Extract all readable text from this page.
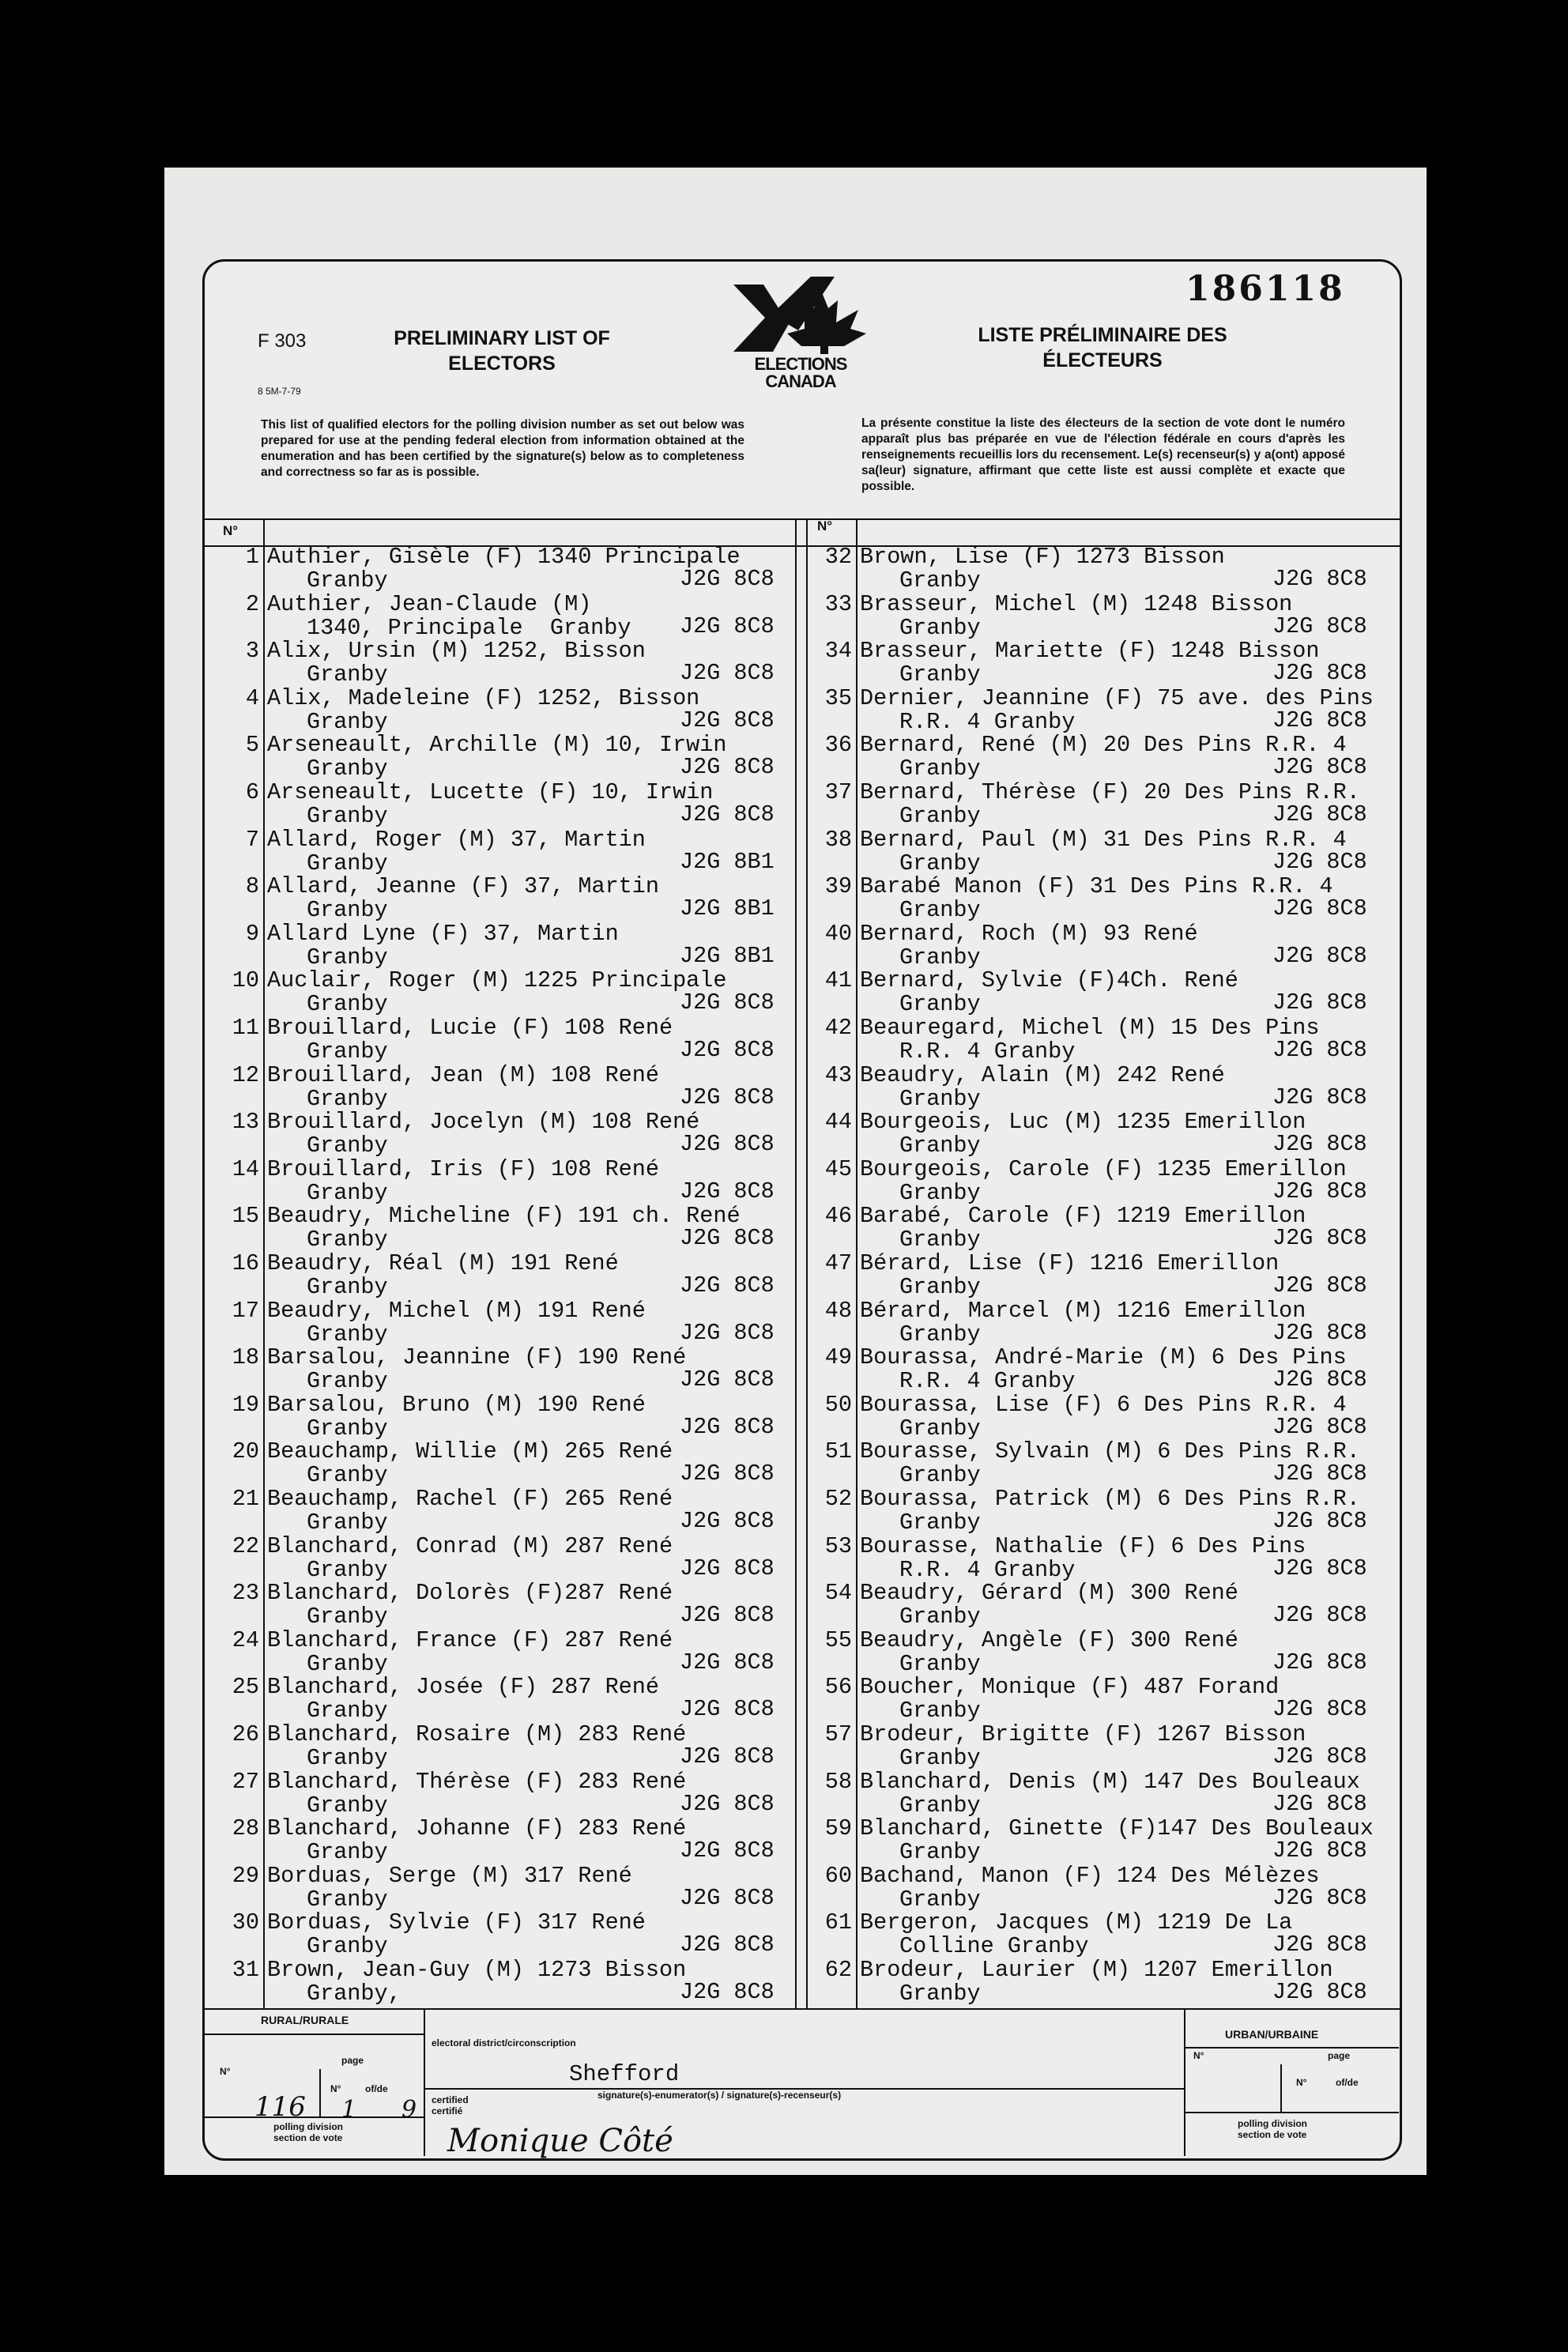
186118
F 303
8 5M-7-79
PRELIMINARY LIST OF ELECTORS
LISTE PRÉLIMINAIRE DES ÉLECTEURS
ELECTIONS
CANADA
This list of qualified electors for the polling division number as set out below was prepared for use at the pending federal election from information obtained at the enumeration and has been certified by the signature(s) below as to completeness and correctness so far as is possible.
La présente constitue la liste des électeurs de la section de vote dont le numéro apparaît plus bas préparée en vue de l'élection fédérale en cours d'après les renseignements recueillis lors du recensement. Le(s) recenseur(s) y a(ont) apposé sa(leur) signature, affirmant que cette liste est aussi complète et exacte que possible.
N°	N°
1 Authier, Gisèle (F) 1340 Principale
Granby	J2G 8C8
2 Authier, Jean-Claude (M)
1340, Principale  Granby J2G 8C8
3 Alix, Ursin (M) 1252, Bisson
Granby	J2G 8C8
4 Alix, Madeleine (F) 1252, Bisson
Granby	J2G 8C8
5 Arseneault, Archille (M) 10, Irwin
Granby	J2G 8C8
6 Arseneault, Lucette (F) 10, Irwin
Granby	J2G 8C8
7 Allard, Roger (M) 37, Martin
Granby	J2G 8B1
8 Allard, Jeanne (F) 37, Martin
Granby	J2G 8B1
9 Allard Lyne (F) 37, Martin
Granby	J2G 8B1
10 Auclair, Roger (M) 1225 Principale
Granby	J2G 8C8
11 Brouillard, Lucie (F) 108 René
Granby	J2G 8C8
12 Brouillard, Jean (M) 108 René
Granby	J2G 8C8
13 Brouillard, Jocelyn (M) 108 René
Granby	J2G 8C8
14 Brouillard, Iris (F) 108 René
Granby	J2G 8C8
15 Beaudry, Micheline (F) 191 ch. René
Granby	J2G 8C8
16 Beaudry, Réal (M) 191 René
Granby	J2G 8C8
17 Beaudry, Michel (M) 191 René
Granby	J2G 8C8
18 Barsalou, Jeannine (F) 190 René
Granby	J2G 8C8
19 Barsalou, Bruno (M) 190 René
Granby	J2G 8C8
20 Beauchamp, Willie (M) 265 René
Granby	J2G 8C8
21 Beauchamp, Rachel (F) 265 René
Granby	J2G 8C8
22 Blanchard, Conrad (M) 287 René
Granby	J2G 8C8
23 Blanchard, Dolorès (F)287 René
Granby	J2G 8C8
24 Blanchard, France (F) 287 René
Granby	J2G 8C8
25 Blanchard, Josée (F) 287 René
Granby	J2G 8C8
26 Blanchard, Rosaire (M) 283 René
Granby	J2G 8C8
27 Blanchard, Thérèse (F) 283 René
Granby	J2G 8C8
28 Blanchard, Johanne (F) 283 René
Granby	J2G 8C8
29 Borduas, Serge (M) 317 René
Granby	J2G 8C8
30 Borduas, Sylvie (F) 317 René
Granby	J2G 8C8
31 Brown, Jean-Guy (M) 1273 Bisson
Granby,	J2G 8C8
32 Brown, Lise (F) 1273 Bisson
Granby	J2G 8C8
33 Brasseur, Michel (M) 1248 Bisson
Granby	J2G 8C8
34 Brasseur, Mariette (F) 1248 Bisson
Granby	J2G 8C8
35 Dernier, Jeannine (F) 75 ave. des Pins
R.R. 4 Granby	J2G 8C8
36 Bernard, René (M) 20 Des Pins R.R. 4
Granby	J2G 8C8
37 Bernard, Thérèse (F) 20 Des Pins R.R.
Granby	J2G 8C8
38 Bernard, Paul (M) 31 Des Pins R.R. 4
Granby	J2G 8C8
39 Barabé Manon (F) 31 Des Pins R.R. 4
Granby	J2G 8C8
40 Bernard, Roch (M) 93 René
Granby	J2G 8C8
41 Bernard, Sylvie (F)4Ch. René
Granby	J2G 8C8
42 Beauregard, Michel (M) 15 Des Pins
R.R. 4 Granby	J2G 8C8
43 Beaudry, Alain (M) 242 René
Granby	J2G 8C8
44 Bourgeois, Luc (M) 1235 Emerillon
Granby	J2G 8C8
45 Bourgeois, Carole (F) 1235 Emerillon
Granby	J2G 8C8
46 Barabé, Carole (F) 1219 Emerillon
Granby	J2G 8C8
47 Bérard, Lise (F) 1216 Emerillon
Granby	J2G 8C8
48 Bérard, Marcel (M) 1216 Emerillon
Granby	J2G 8C8
49 Bourassa, André-Marie (M) 6 Des Pins
R.R. 4 Granby	J2G 8C8
50 Bourassa, Lise (F) 6 Des Pins R.R. 4
Granby	J2G 8C8
51 Bourasse, Sylvain (M) 6 Des Pins R.R.
Granby	J2G 8C8
52 Bourassa, Patrick (M) 6 Des Pins R.R.
Granby	J2G 8C8
53 Bourasse, Nathalie (F) 6 Des Pins
R.R. 4 Granby	J2G 8C8
54 Beaudry, Gérard (M) 300 René
Granby	J2G 8C8
55 Beaudry, Angèle (F) 300 René
Granby	J2G 8C8
56 Boucher, Monique (F) 487 Forand
Granby	J2G 8C8
57 Brodeur, Brigitte (F) 1267 Bisson
Granby	J2G 8C8
58 Blanchard, Denis (M) 147 Des Bouleaux
Granby	J2G 8C8
59 Blanchard, Ginette (F)147 Des Bouleaux
Granby	J2G 8C8
60 Bachand, Manon (F) 124 Des Mélèzes
Granby	J2G 8C8
61 Bergeron, Jacques (M) 1219 De La
Colline Granby	J2G 8C8
62 Brodeur, Laurier (M) 1207 Emerillon
Granby	J2G 8C8
RURAL/RURALE
N°
page
N°	of/de
116 1 9
polling division
section de vote
electoral district/circonscription
Shefford
certified
certifié
signature(s)-enumerator(s) / signature(s)-recenseur(s)
Monique Côté
URBAN/URBAINE
N°	page
N°	of/de
polling division
section de vote
